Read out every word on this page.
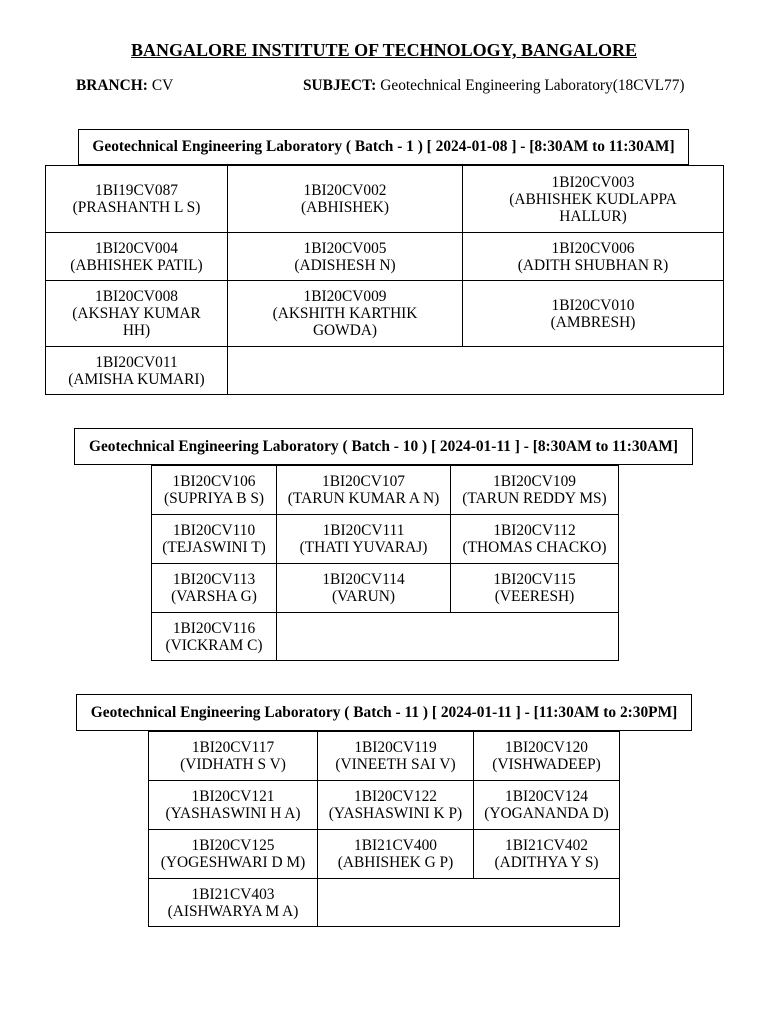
BANGALORE INSTITUTE OF TECHNOLOGY, BANGALORE
BRANCH: CV	SUBJECT: Geotechnical Engineering Laboratory(18CVL77)
Geotechnical Engineering Laboratory ( Batch - 1 ) [ 2024-01-08 ] - [8:30AM to 11:30AM]
1BI19CV087
(PRASHANTH L S)	1BI20CV002
(ABHISHEK)	1BI20CV003
(ABHISHEK KUDLAPPA
HALLUR)

1BI20CV004
(ABHISHEK PATIL)	1BI20CV005
(ADISHESH N)	1BI20CV006
(ADITH SHUBHAN R)

1BI20CV008
(AKSHAY KUMAR
HH)	1BI20CV009
(AKSHITH KARTHIK
GOWDA)	1BI20CV010
(AMBRESH)

1BI20CV011
(AMISHA KUMARI)		

Geotechnical Engineering Laboratory ( Batch - 10 ) [ 2024-01-11 ] - [8:30AM to 11:30AM]
1BI20CV106
(SUPRIYA B S)	1BI20CV107
(TARUN KUMAR A N)	1BI20CV109
(TARUN REDDY MS)

1BI20CV110
(TEJASWINI T)	1BI20CV111
(THATI YUVARAJ)	1BI20CV112
(THOMAS CHACKO)

1BI20CV113
(VARSHA G)	1BI20CV114
(VARUN)	1BI20CV115
(VEERESH)

1BI20CV116
(VICKRAM C)		

Geotechnical Engineering Laboratory ( Batch - 11 ) [ 2024-01-11 ] - [11:30AM to 2:30PM]
1BI20CV117
(VIDHATH S V)	1BI20CV119
(VINEETH SAI V)	1BI20CV120
(VISHWADEEP)

1BI20CV121
(YASHASWINI H A)	1BI20CV122
(YASHASWINI K P)	1BI20CV124
(YOGANANDA D)

1BI20CV125
(YOGESHWARI D M)	1BI21CV400
(ABHISHEK G P)	1BI21CV402
(ADITHYA Y S)

1BI21CV403
(AISHWARYA M A)		
